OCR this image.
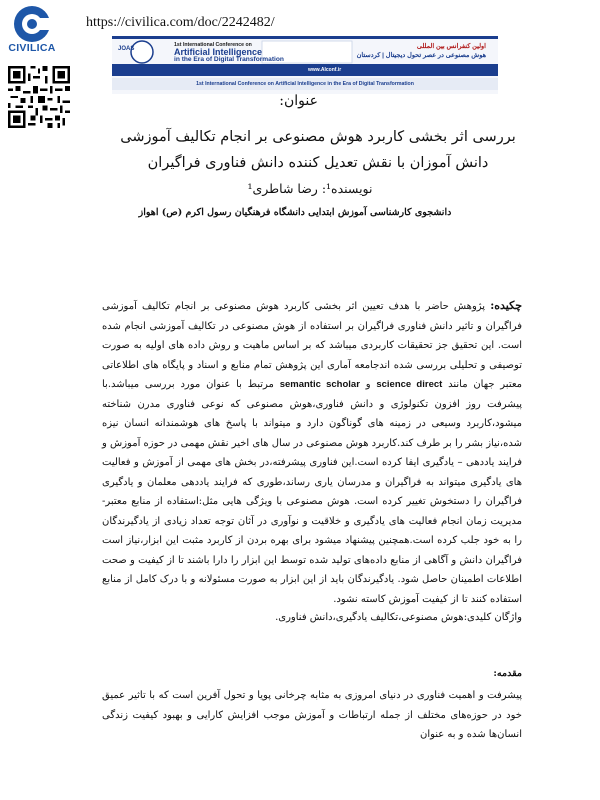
CIVILICA
https://civilica.com/doc/2242482/
JOAS
1st International Conference on
Artificial Intelligence
in the Era of Digital Transformation
اولین کنفرانس بین المللی
هوش مصنوعی در عصر تحول دیجیتال | کردستان
www.AIconf.ir
1st International Conference on Artificial Intelligence in the Era of Digital Transformation
عنوان:
بررسی اثر بخشی کاربرد هوش مصنوعی بر انجام تکالیف آموزشی دانش آموزان با نقش تعدیل کننده دانش فناوری فراگیران
نویسنده¹: رضا شاطری¹
دانشجوی کارشناسی آموزش ابتدایی دانشگاه فرهنگیان رسول اکرم (ص) اهواز
چکیده: پژوهش حاضر با هدف تعیین اثر بخشی کاربرد هوش مصنوعی بر انجام تکالیف آموزشی فراگیران و تاثیر دانش فناوری فراگیران بر استفاده از هوش مصنوعی در تکالیف آموزشی انجام شده است. این تحقیق جز تحقیقات کاربردی میباشد که بر اساس ماهیت و روش داده های اولیه به صورت توصیفی و تحلیلی بررسی شده اندجامعه آماری این پژوهش تمام منابع و اسناد و پایگاه های اطلاعاتی معتبر جهان مانند science direct و semantic scholar مرتبط با عنوان مورد بررسی میباشد.با پیشرفت روز افزون تکنولوژی و دانش فناوری،هوش مصنوعی که نوعی فناوری مدرن شناخته میشود،کاربرد وسیعی در زمینه های گوناگون دارد و میتواند با پاسخ های هوشمندانه انسان نیزه شده،نیاز بشر را بر طرف کند.کاربرد هوش مصنوعی در سال های اخیر نقش مهمی در حوزه آموزش و فرایند یاددهی – یادگیری ایفا کرده است.این فناوری پیشرفته،در بخش های مهمی از آموزش و فعالیت های یادگیری میتواند به فراگیران و مدرسان یاری رساند،طوری که فرایند یاددهی معلمان و یادگیری فراگیران را دستخوش تغییر کرده است. هوش مصنوعی با ویژگی هایی مثل:استفاده از منابع معتبر-مدیریت زمان انجام فعالیت های یادگیری و خلاقیت و نوآوری در آثان توجه تعداد زیادی از یادگیرندگان را به خود جلب کرده است.همچنین پیشنهاد میشود برای بهره بردن از کاربرد مثبت این ابزار،نیاز است فراگیران دانش و آگاهی از منابع داده‌های تولید شده توسط این ابزار را دارا باشند تا از کیفیت و صحت اطلاعات اطمینان حاصل شود. یادگیرندگان باید از این ابزار به صورت مسئولانه و با درک کامل از منابع استفاده کنند تا از کیفیت آموزش کاسته نشود.
واژگان کلیدی:هوش مصنوعی،تکالیف یادگیری،دانش فناوری.
مقدمه:
پیشرفت و اهمیت فناوری در دنیای امروزی به مثابه چرخانی پویا و تحول آفرین است که با تاثیر عمیق خود در حوزه‌های مختلف از جمله ارتباطات و آموزش موجب افزایش کارایی و بهبود کیفیت زندگی انسان‌ها شده و به عنوان
